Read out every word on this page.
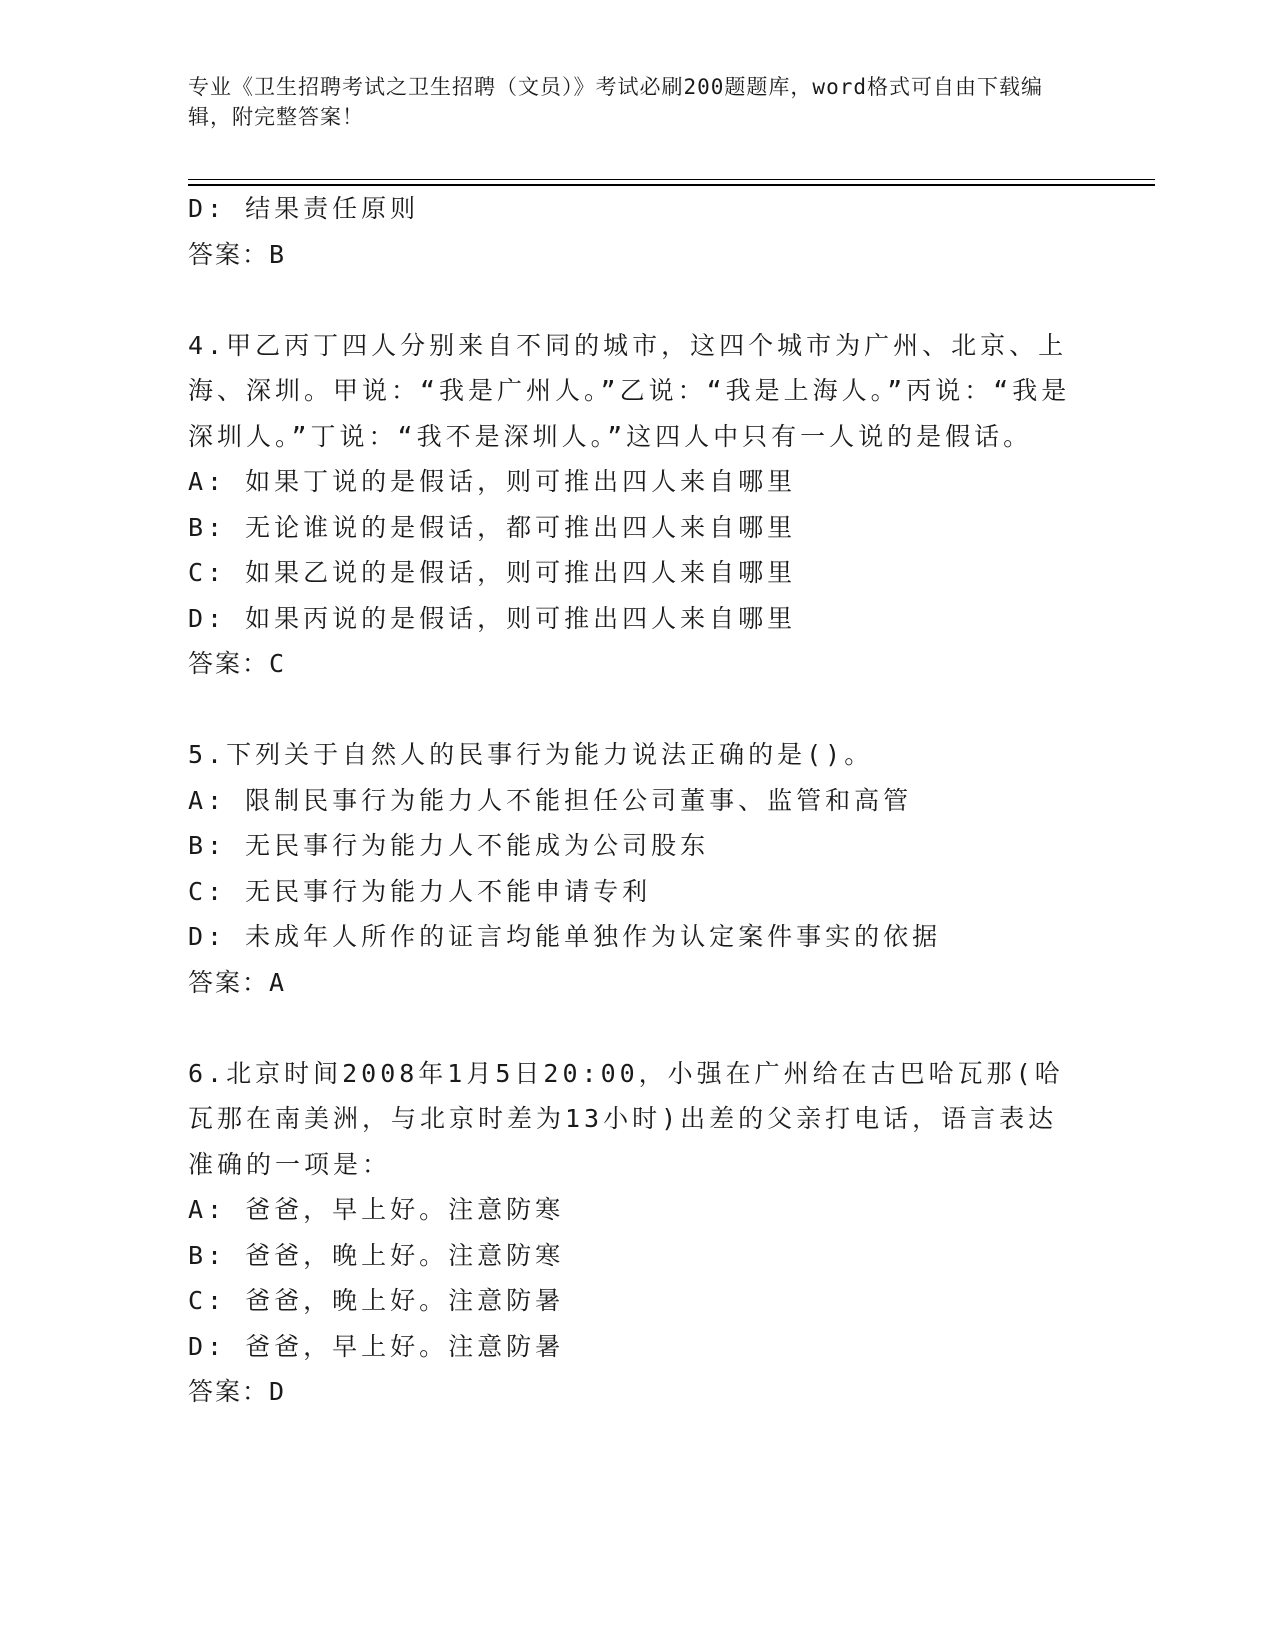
专业《卫生招聘考试之卫生招聘（文员）》考试必刷200题题库，word格式可自由下载编辑，附完整答案！
D: 结果责任原则
答案：B
4.甲乙丙丁四人分别来自不同的城市，这四个城市为广州、北京、上海、深圳。甲说：“我是广州人。”乙说：“我是上海人。”丙说：“我是深圳人。”丁说：“我不是深圳人。”这四人中只有一人说的是假话。
A: 如果丁说的是假话，则可推出四人来自哪里
B: 无论谁说的是假话，都可推出四人来自哪里
C: 如果乙说的是假话，则可推出四人来自哪里
D: 如果丙说的是假话，则可推出四人来自哪里
答案：C
5.下列关于自然人的民事行为能力说法正确的是()。
A: 限制民事行为能力人不能担任公司董事、监管和高管
B: 无民事行为能力人不能成为公司股东
C: 无民事行为能力人不能申请专利
D: 未成年人所作的证言均能单独作为认定案件事实的依据
答案：A
6.北京时间2008年1月5日20:00，小强在广州给在古巴哈瓦那(哈瓦那在南美洲，与北京时差为13小时)出差的父亲打电话，语言表达准确的一项是：
A: 爸爸，早上好。注意防寒
B: 爸爸，晚上好。注意防寒
C: 爸爸，晚上好。注意防暑
D: 爸爸，早上好。注意防暑
答案：D
